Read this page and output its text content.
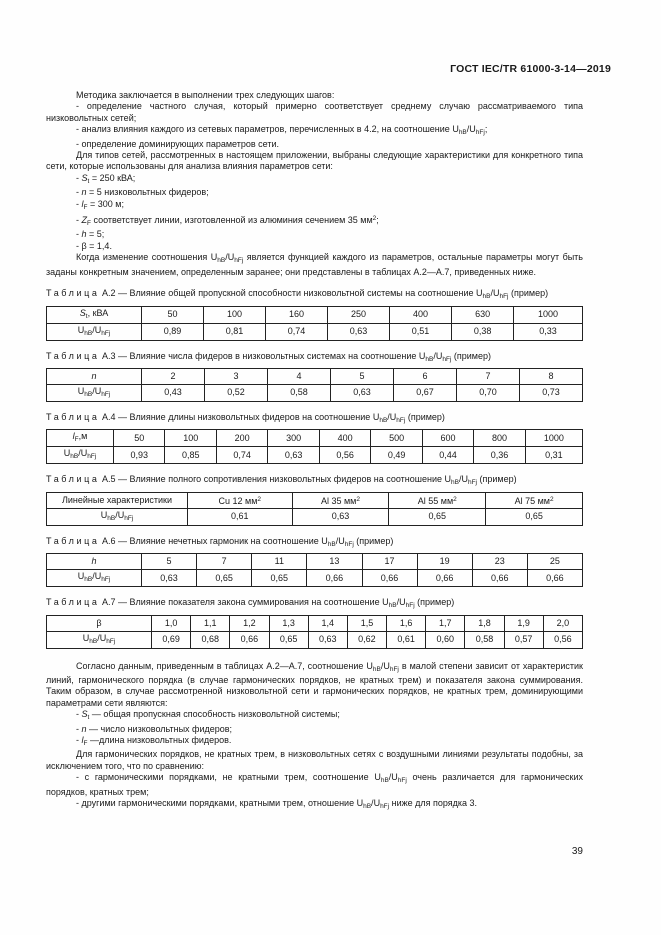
ГОСТ IEC/TR 61000-3-14—2019

Методика заключается в выполнении трех следующих шагов:

- определение частного случая, который примерно соответствует среднему случаю рассматриваемого типа низковольтных сетей;

- анализ влияния каждого из сетевых параметров, перечисленных в 4.2, на соотношение $U_{hB}/U_{hFj}$;

- определение доминирующих параметров сети.

Для типов сетей, рассмотренных в настоящем приложении, выбраны следующие характеристики для конкретного типа сети, которые использованы для анализа влияния параметров сети:

- $S_t = 250$ кВА;

- n = 5 низковольтных фидеров;

- $l_F = 300$ м;

- $Z_F$ соответствует линии, изготовленной из алюминия сечением 35 $мм^2$;

- h = 5;

- β = 1,4.

Когда изменение соотношения $U_{hB}/U_{hFj}$ является функцией каждого из параметров, остальные параметры могут быть заданы конкретным значением, определенным заранее; они представлены в таблицах А.2—А.7, приведенных ниже.

Таблица А.2 — Влияние общей пропускной способности низковольтной системы на соотношение $U_{hB}/U_{hFj}$ (пример)

$S_t$, кВА	50	100	160	250	400	630	1000
$U_{hB}/U_{hFj}$	0,89	0,81	0,74	0,63	0,51	0,38	0,33

Таблица А.3 — Влияние числа фидеров в низковольтных системах на соотношение $U_{hB}/U_{hFj}$ (пример)

n	2	3	4	5	6	7	8
$U_{hB}/U_{hFj}$	0,43	0,52	0,58	0,63	0,67	0,70	0,73

Таблица А.4 — Влияние длины низковольтных фидеров на соотношение $U_{hB}/U_{hFj}$ (пример)

$l_F,м$	50	100	200	300	400	500	600	800	1000
$U_{hB}/U_{hFj}$	0,93	0,85	0,74	0,63	0,56	0,49	0,44	0,36	0,31

Таблица А.5 — Влияние полного сопротивления низковольтных фидеров на соотношение $U_{hB}/U_{hFj}$ (пример)

Линейные характеристики	Cu 12 $мм^2$	Al 35 $мм^2$	Al 55 $мм^2$	Al 75 $мм^2$
$U_{hB}/U_{hFj}$	0,61	0,63	0,65	0,65

Таблица А.6 — Влияние нечетных гармоник на соотношение $U_{hB}/U_{hFj}$ (пример)

h	5	7	11	13	17	19	23	25
$U_{hB}/U_{hFj}$	0,63	0,65	0,65	0,66	0,66	0,66	0,66	0,66

Таблица А.7 — Влияние показателя закона суммирования на соотношение $U_{hB}/U_{hFj}$ (пример)

β	1,0	1,1	1,2	1,3	1,4	1,5	1,6	1,7	1,8	1,9	2,0
$U_{hB}/U_{hFj}$	0,69	0,68	0,66	0,65	0,63	0,62	0,61	0,60	0,58	0,57	0,56

Согласно данным, приведенным в таблицах А.2—А.7, соотношение $U_{hB}/U_{hFj}$ в малой степени зависит от характеристик линий, гармонического порядка (в случае гармонических порядков, не кратных трем) и показателя закона суммирования. Таким образом, в случае рассмотренной низковольтной сети и гармонических порядков, не кратных трем, доминирующими параметрами сети являются:

- $S_t$ — общая пропускная способность низковольтной системы;

- n — число низковольтных фидеров;

- $l_F$ —длина низковольтных фидеров.

Для гармонических порядков, не кратных трем, в низковольтных сетях с воздушными линиями результаты подобны, за исключением того, что по сравнению:

- с гармоническими порядками, не кратными трем, соотношение $U_{hB}/U_{hFj}$ очень различается для гармонических порядков, кратных трем;

- другими гармоническими порядками, кратными трем, отношение $U_{hB}/U_{hFj}$ ниже для порядка 3.

39
